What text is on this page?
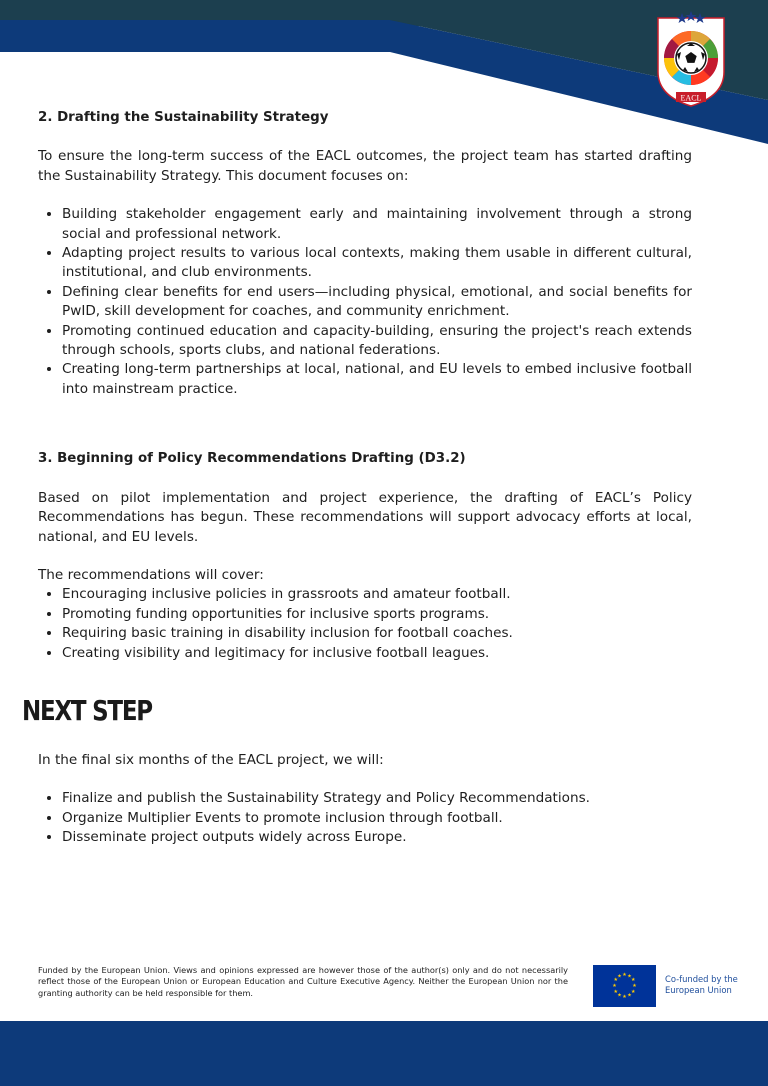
EACL
2. Drafting the Sustainability Strategy

To ensure the long-term success of the EACL outcomes, the project team has started drafting the Sustainability Strategy. This document focuses on:

• Building stakeholder engagement early and maintaining involvement through a strong social and professional network.
• Adapting project results to various local contexts, making them usable in different cultural, institutional, and club environments.
• Defining clear benefits for end users—including physical, emotional, and social benefits for PwID, skill development for coaches, and community enrichment.
• Promoting continued education and capacity-building, ensuring the project's reach extends through schools, sports clubs, and national federations.
• Creating long-term partnerships at local, national, and EU levels to embed inclusive football into mainstream practice.
3. Beginning of Policy Recommendations Drafting (D3.2)

Based on pilot implementation and project experience, the drafting of EACL’s Policy Recommendations has begun. These recommendations will support advocacy efforts at local, national, and EU levels.

The recommendations will cover:

• Encouraging inclusive policies in grassroots and amateur football.
• Promoting funding opportunities for inclusive sports programs.
• Requiring basic training in disability inclusion for football coaches.
• Creating visibility and legitimacy for inclusive football leagues.
NEXT STEP

In the final six months of the EACL project, we will:

• Finalize and publish the Sustainability Strategy and Policy Recommendations.
• Organize Multiplier Events to promote inclusion through football.
• Disseminate project outputs widely across Europe.

Funded by the European Union. Views and opinions expressed are however those of the author(s) only and do not necessarily reflect those of the European Union or European Education and Culture Executive Agency. Neither the European Union nor the granting authority can be held responsible for them.

★ ★
★
★
★
★
★
★
★
★
★
★	Co-funded by the
European Union
